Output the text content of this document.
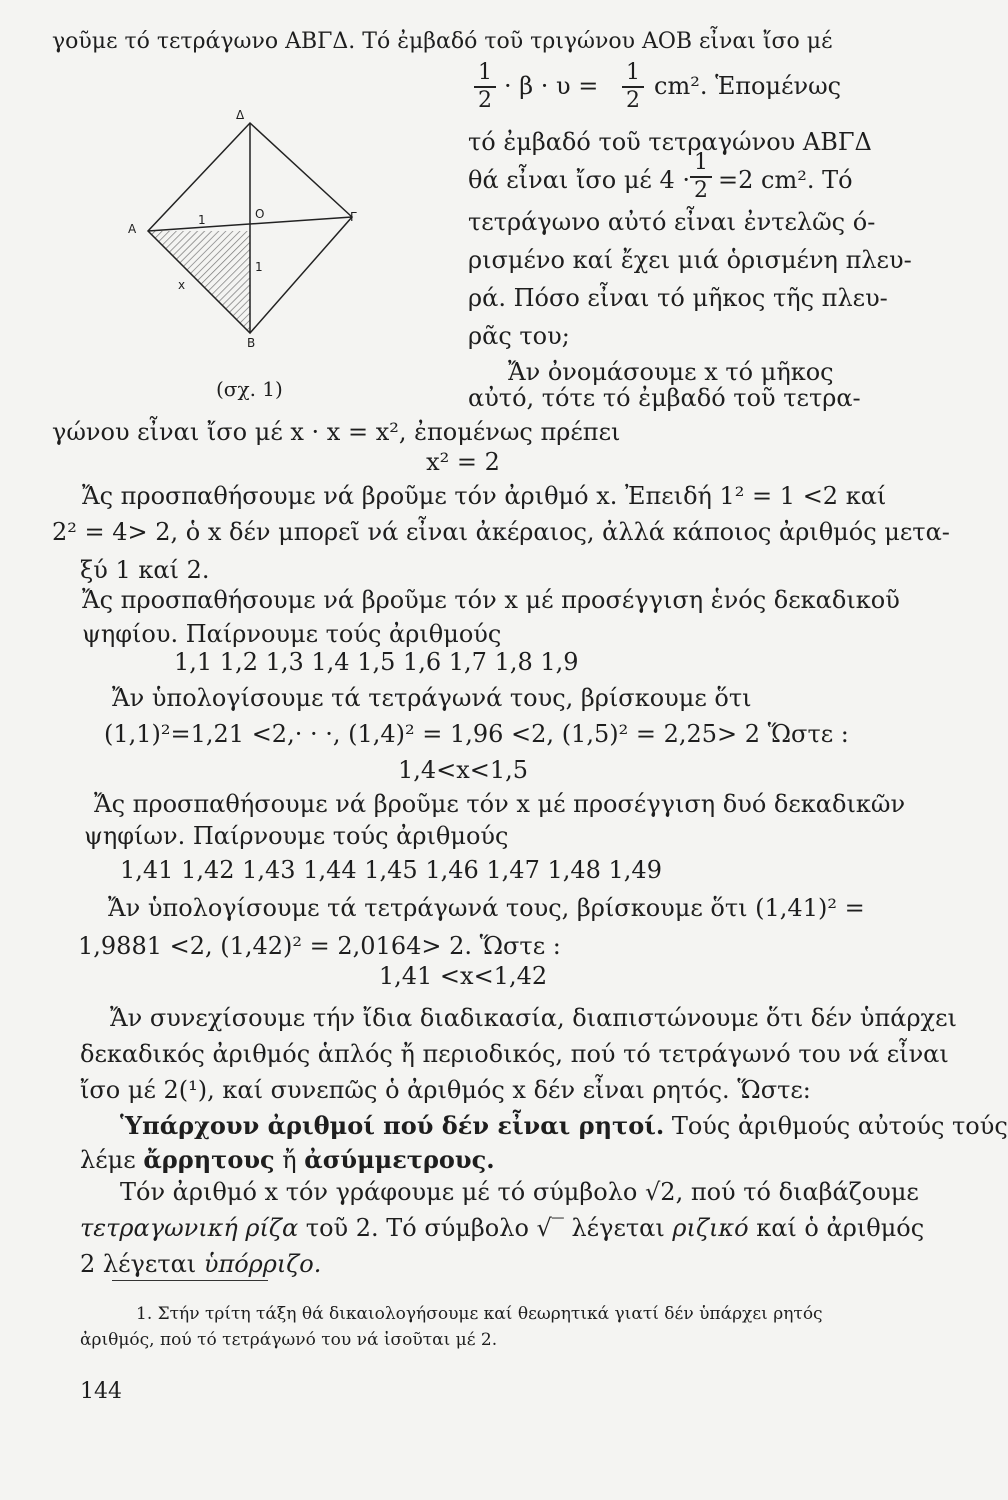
Δ
Α
Γ
Β
O
1
1
x
(σχ. 1)
γοῦμε τό τετράγωνο ΑΒΓΔ. Τό ἐμβαδό τοῦ τριγώνου ΑΟΒ εἶναι ἴσο μέ
1
2
· β · υ = 1
2
cm². Ἑπομένως
τό ἐμβαδό τοῦ τετραγώνου ΑΒΓΔ
θά εἶναι ἴσο μέ 4 ·
1
2 =2 cm². Τό
τετράγωνο αὐτό εἶναι ἐντελῶς ό-
ρισμένο καί ἔχει μιά ὁρισμένη πλευ-
ρά. Πόσο εἶναι τό μῆκος τῆς πλευ-
ρᾶς του;
Ἄν ὀνομάσουμε x τό μῆκος
αὐτό, τότε τό ἐμβαδό τοῦ τετρα-
γώνου εἶναι ἴσο μέ x · x = x², ἐπομένως πρέπει
x² = 2
Ἄς προσπαθήσουμε νά βροῦμε τόν ἀριθμό x. Ἐπειδή 1² = 1 <2 καί
2² = 4> 2, ὁ x δέν μπορεῖ νά εἶναι ἀκέραιος, ἀλλά κάποιος ἀριθμός μετα-
ξύ 1 καί 2.
Ἄς προσπαθήσουμε νά βροῦμε τόν x μέ προσέγγιση ἑνός δεκαδικοῦ
ψηφίου. Παίρνουμε τούς ἀριθμούς
1,1 1,2 1,3 1,4 1,5 1,6 1,7 1,8 1,9
Ἄν ὑπολογίσουμε τά τετράγωνά τους, βρίσκουμε ὅτι
(1,1)²=1,21 <2,· · ·, (1,4)² = 1,96 <2, (1,5)² = 2,25> 2 Ὥστε :
1,4<x<1,5
Ἄς προσπαθήσουμε νά βροῦμε τόν x μέ προσέγγιση δυό δεκαδικῶν
ψηφίων. Παίρνουμε τούς ἀριθμούς
1,41 1,42 1,43 1,44 1,45 1,46 1,47 1,48 1,49
Ἄν ὑπολογίσουμε τά τετράγωνά τους, βρίσκουμε ὅτι (1,41)² =
1,9881 <2, (1,42)² = 2,0164> 2. Ὥστε :
1,41 <x<1,42
Ἄν συνεχίσουμε τήν ἴδια διαδικασία, διαπιστώνουμε ὅτι δέν ὑπάρχει
δεκαδικός ἀριθμός ἁπλός ἤ περιοδικός, πού τό τετράγωνό του νά εἶναι
ἴσο μέ 2(¹), καί συνεπῶς ὁ ἀριθμός x δέν εἶναι ρητός. Ὥστε:
Ὑπάρχουν ἀριθμοί πού δέν εἶναι ρητοί. Τούς ἀριθμούς αὐτούς τούς
λέμε ἄρρητους ἤ ἀσύμμετρους.
Τόν ἀριθμό x τόν γράφουμε μέ τό σύμβολο √2, πού τό διαβάζουμε
τετραγωνική ρίζα τοῦ 2. Τό σύμβολο √‾ λέγεται ριζικό καί ὁ ἀριθμός
2 λέγεται ὑπόρριζο.
1. Στήν τρίτη τάξη θά δικαιολογήσουμε καί θεωρητικά γιατί δέν ὑπάρχει ρητός
ἀριθμός, πού τό τετράγωνό του νά ἰσοῦται μέ 2.
144
